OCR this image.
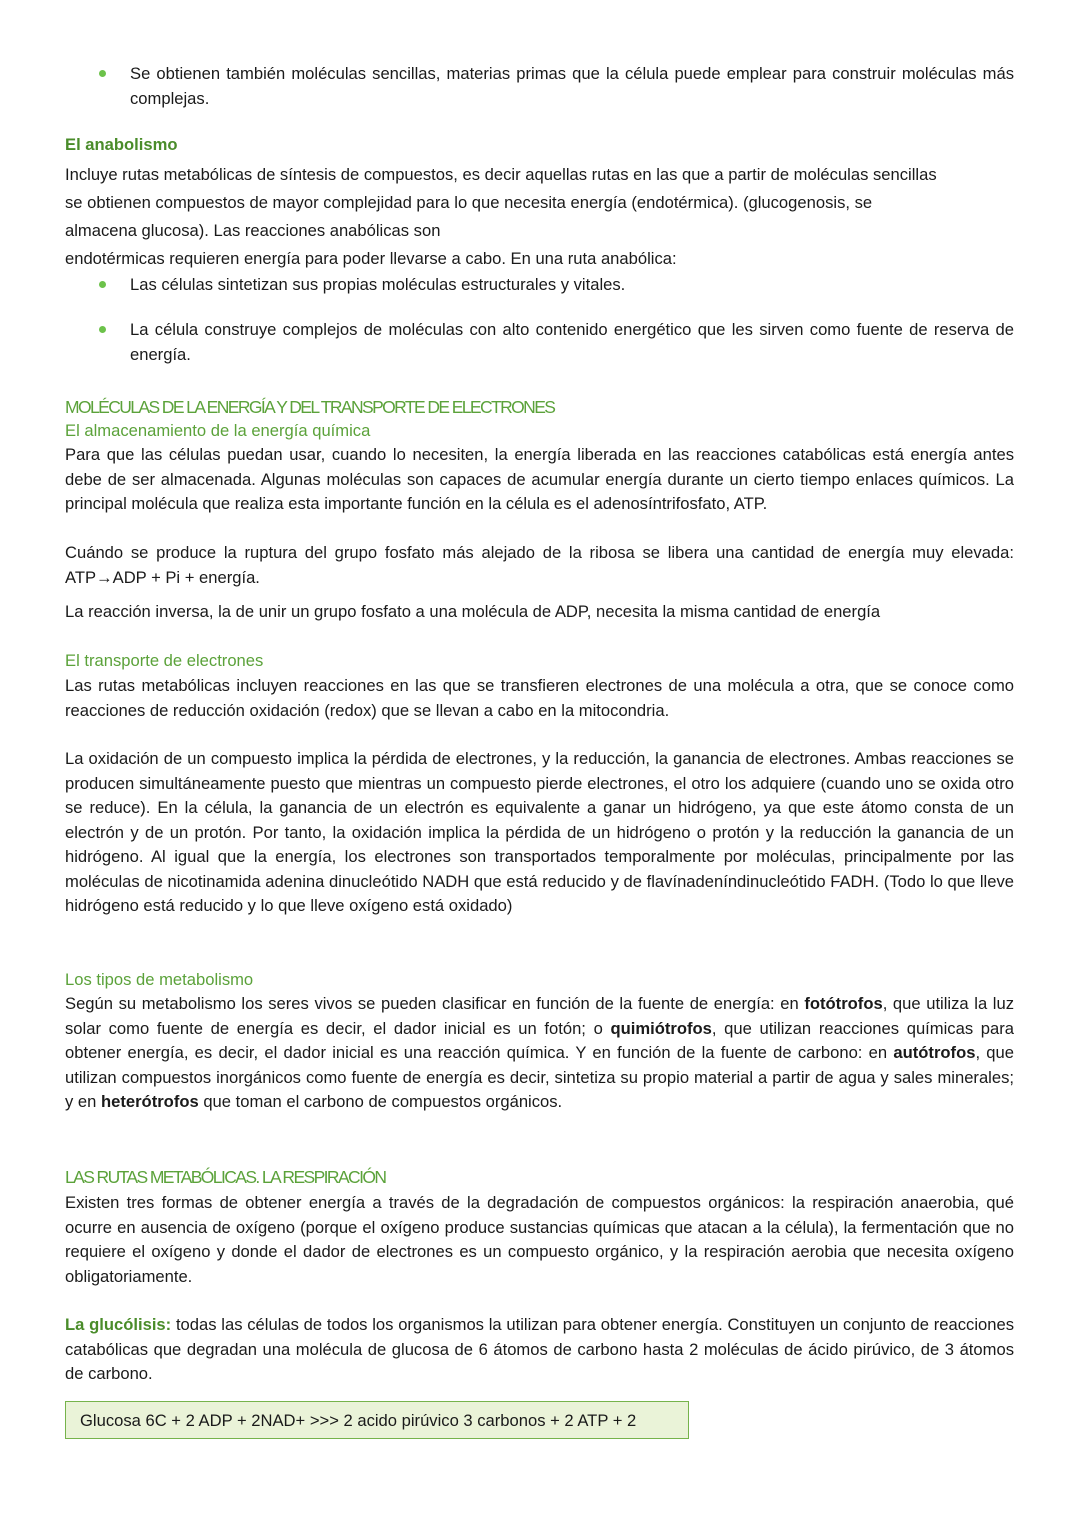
Se obtienen también moléculas sencillas, materias primas que la célula puede emplear para construir moléculas más complejas.
El anabolismo
Incluye rutas metabólicas de síntesis de compuestos, es decir aquellas rutas en las que a partir de moléculas sencillas
se obtienen compuestos de mayor complejidad para lo que necesita energía (endotérmica). (glucogenosis, se
almacena glucosa). Las reacciones anabólicas son
endotérmicas requieren energía para poder llevarse a cabo. En una ruta anabólica:
Las células sintetizan sus propias moléculas estructurales y vitales.
La célula construye complejos de moléculas con alto contenido energético que les sirven como fuente de reserva de energía.
MOLÉCULAS DE LA ENERGÍA Y DEL TRANSPORTE DE ELECTRONES
El almacenamiento de la energía química
Para que las células puedan usar, cuando lo necesiten, la energía liberada en las reacciones catabólicas está energía antes debe de ser almacenada. Algunas moléculas son capaces de acumular energía durante un cierto tiempo enlaces químicos. La principal molécula que realiza esta importante función en la célula es el adenosíntrifosfato, ATP.
Cuándo se produce la ruptura del grupo fosfato más alejado de la ribosa se libera una cantidad de energía muy elevada: ATP→ADP + Pi + energía.
La reacción inversa, la de unir un grupo fosfato a una molécula de ADP, necesita la misma cantidad de energía
El transporte de electrones
Las rutas metabólicas incluyen reacciones en las que se transfieren electrones de una molécula a otra, que se conoce como reacciones de reducción oxidación (redox) que se llevan a cabo en la mitocondria.
La oxidación de un compuesto implica la pérdida de electrones, y la reducción, la ganancia de electrones. Ambas reacciones se producen simultáneamente puesto que mientras un compuesto pierde electrones, el otro los adquiere (cuando uno se oxida otro se reduce). En la célula, la ganancia de un electrón es equivalente a ganar un hidrógeno, ya que este átomo consta de un electrón y de un protón. Por tanto, la oxidación implica la pérdida de un hidrógeno o protón y la reducción la ganancia de un hidrógeno. Al igual que la energía, los electrones son transportados temporalmente por moléculas, principalmente por las moléculas de nicotinamida adenina dinucleótido NADH que está reducido y de flavínadeníndinucleótido FADH. (Todo lo que lleve hidrógeno está reducido y lo que lleve oxígeno está oxidado)
Los tipos de metabolismo
Según su metabolismo los seres vivos se pueden clasificar en función de la fuente de energía: en fotótrofos, que utiliza la luz solar como fuente de energía es decir, el dador inicial es un fotón; o quimiótrofos, que utilizan reacciones químicas para obtener energía, es decir, el dador inicial es una reacción química. Y en función de la fuente de carbono: en autótrofos, que utilizan compuestos inorgánicos como fuente de energía es decir, sintetiza su propio material a partir de agua y sales minerales; y en heterótrofos que toman el carbono de compuestos orgánicos.
LAS RUTAS METABÓLICAS. LA RESPIRACIÓN
Existen tres formas de obtener energía a través de la degradación de compuestos orgánicos: la respiración anaerobia, qué ocurre en ausencia de oxígeno (porque el oxígeno produce sustancias químicas que atacan a la célula), la fermentación que no requiere el oxígeno y donde el dador de electrones es un compuesto orgánico, y la respiración aerobia que necesita oxígeno obligatoriamente.
La glucólisis: todas las células de todos los organismos la utilizan para obtener energía. Constituyen un conjunto de reacciones catabólicas que degradan una molécula de glucosa de 6 átomos de carbono hasta 2 moléculas de ácido pirúvico, de 3 átomos de carbono.
Glucosa 6C + 2 ADP + 2NAD+ >>> 2 acido pirúvico 3 carbonos + 2 ATP + 2
